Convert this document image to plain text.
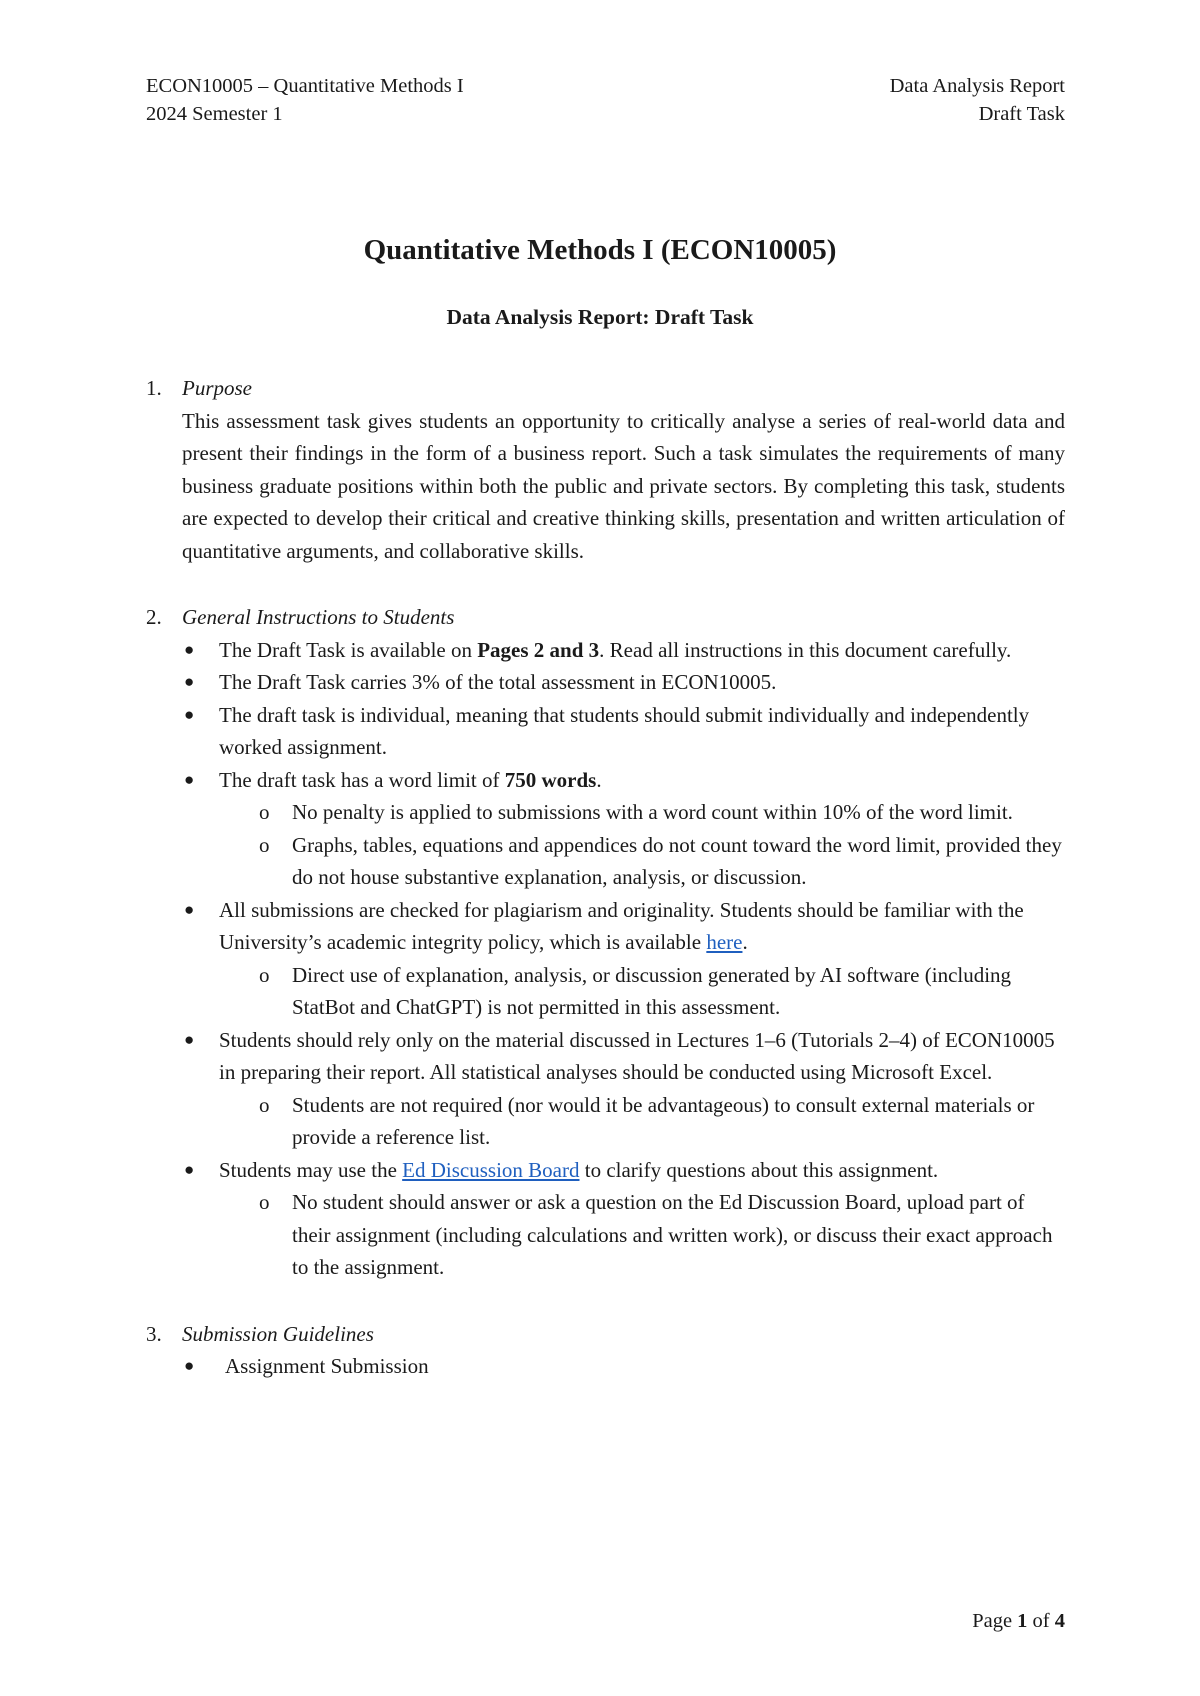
ECON10005 – Quantitative Methods I
2024 Semester 1
Data Analysis Report
Draft Task
Quantitative Methods I (ECON10005)
Data Analysis Report: Draft Task
1. Purpose
This assessment task gives students an opportunity to critically analyse a series of real-world data and present their findings in the form of a business report. Such a task simulates the requirements of many business graduate positions within both the public and private sectors. By completing this task, students are expected to develop their critical and creative thinking skills, presentation and written articulation of quantitative arguments, and collaborative skills.
2. General Instructions to Students
● The Draft Task is available on Pages 2 and 3. Read all instructions in this document carefully.
● The Draft Task carries 3% of the total assessment in ECON10005.
● The draft task is individual, meaning that students should submit individually and independently worked assignment.
● The draft task has a word limit of 750 words.
o No penalty is applied to submissions with a word count within 10% of the word limit.
o Graphs, tables, equations and appendices do not count toward the word limit, provided they do not house substantive explanation, analysis, or discussion.
● All submissions are checked for plagiarism and originality. Students should be familiar with the University’s academic integrity policy, which is available here.
o Direct use of explanation, analysis, or discussion generated by AI software (including StatBot and ChatGPT) is not permitted in this assessment.
● Students should rely only on the material discussed in Lectures 1–6 (Tutorials 2–4) of ECON10005 in preparing their report. All statistical analyses should be conducted using Microsoft Excel.
o Students are not required (nor would it be advantageous) to consult external materials or provide a reference list.
● Students may use the Ed Discussion Board to clarify questions about this assignment.
o No student should answer or ask a question on the Ed Discussion Board, upload part of their assignment (including calculations and written work), or discuss their exact approach to the assignment.
3. Submission Guidelines
● Assignment Submission
Page 1 of 4
